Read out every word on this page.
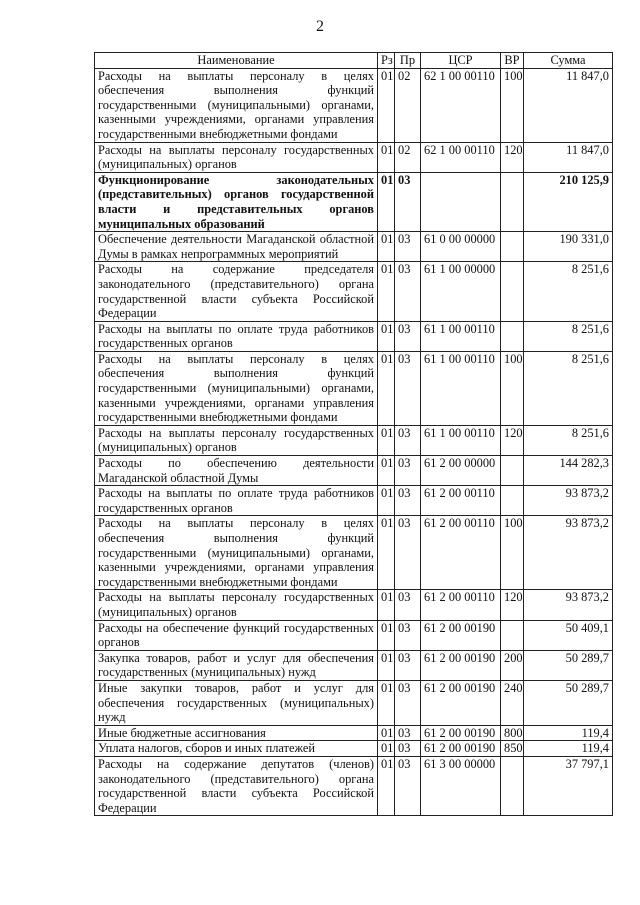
2
Наименование	Рз	Пр	ЦСР	ВР	Сумма
Расходы на выплаты персоналу в целях обеспечения выполнения функций государственными (муниципальными) органами, казенными учреждениями, органами управления государственными внебюджетными фондами	01	02	62 1 00 00110	100	11 847,0
Расходы на выплаты персоналу государственных (муниципальных) органов	01	02	62 1 00 00110	120	11 847,0
Функционирование законодательных (представительных) органов государственной власти и представительных органов муниципальных образований	01	03			210 125,9
Обеспечение деятельности Магаданской областной Думы в рамках непрограммных мероприятий	01	03	61 0 00 00000		190 331,0
Расходы на содержание председателя законодательного (представительного) органа государственной власти субъекта Российской Федерации	01	03	61 1 00 00000		8 251,6
Расходы на выплаты по оплате труда работников государственных органов	01	03	61 1 00 00110		8 251,6
Расходы на выплаты персоналу в целях обеспечения выполнения функций государственными (муниципальными) органами, казенными учреждениями, органами управления государственными внебюджетными фондами	01	03	61 1 00 00110	100	8 251,6
Расходы на выплаты персоналу государственных (муниципальных) органов	01	03	61 1 00 00110	120	8 251,6
Расходы по обеспечению деятельности Магаданской областной Думы	01	03	61 2 00 00000		144 282,3
Расходы на выплаты по оплате труда работников государственных органов	01	03	61 2 00 00110		93 873,2
Расходы на выплаты персоналу в целях обеспечения выполнения функций государственными (муниципальными) органами, казенными учреждениями, органами управления государственными внебюджетными фондами	01	03	61 2 00 00110	100	93 873,2
Расходы на выплаты персоналу государственных (муниципальных) органов	01	03	61 2 00 00110	120	93 873,2
Расходы на обеспечение функций государственных органов	01	03	61 2 00 00190		50 409,1
Закупка товаров, работ и услуг для обеспечения государственных (муниципальных) нужд	01	03	61 2 00 00190	200	50 289,7
Иные закупки товаров, работ и услуг для обеспечения государственных (муниципальных) нужд	01	03	61 2 00 00190	240	50 289,7
Иные бюджетные ассигнования	01	03	61 2 00 00190	800	119,4
Уплата налогов, сборов и иных платежей	01	03	61 2 00 00190	850	119,4
Расходы на содержание депутатов (членов) законодательного (представительного) органа государственной власти субъекта Российской Федерации	01	03	61 3 00 00000		37 797,1
